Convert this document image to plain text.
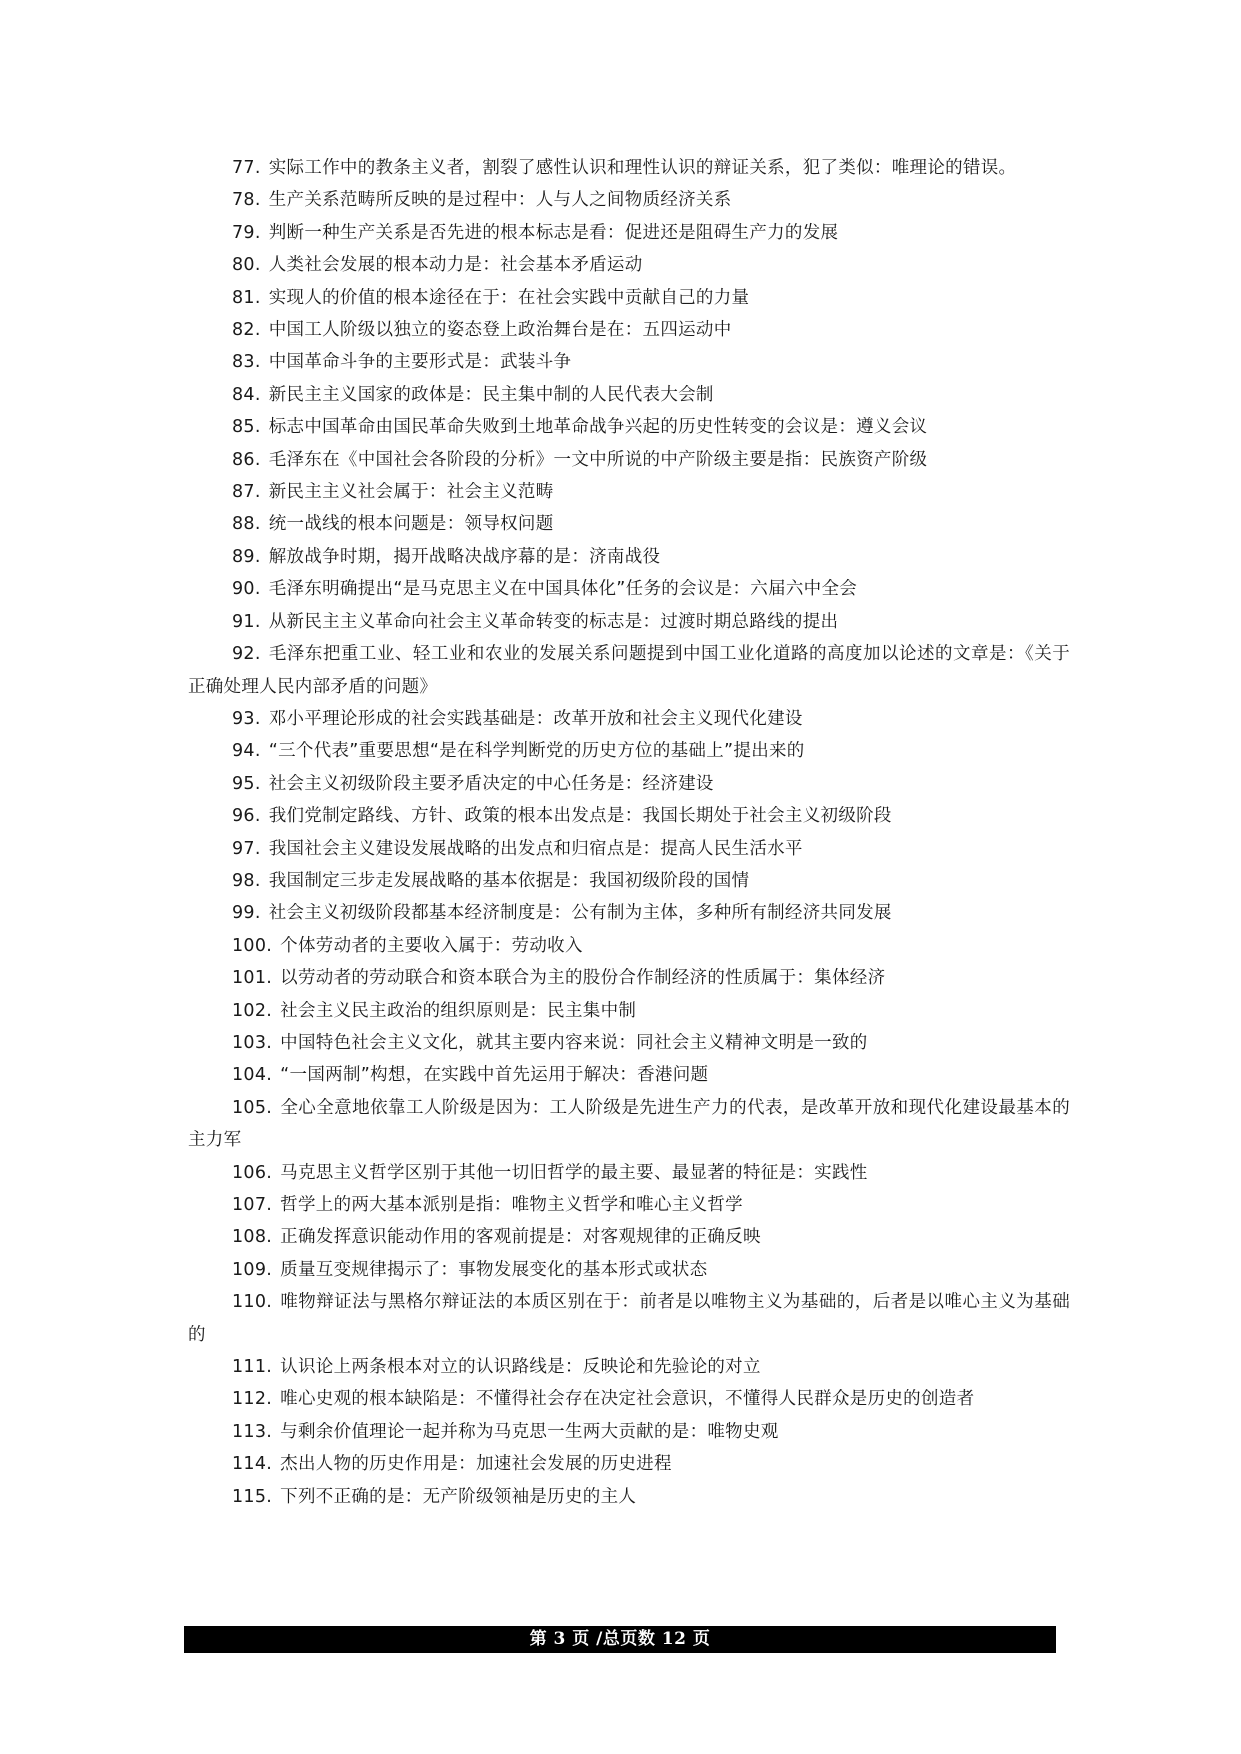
77. 实际工作中的教条主义者，割裂了感性认识和理性认识的辩证关系，犯了类似：唯理论的错误。

78. 生产关系范畴所反映的是过程中：人与人之间物质经济关系

79. 判断一种生产关系是否先进的根本标志是看：促进还是阻碍生产力的发展

80. 人类社会发展的根本动力是：社会基本矛盾运动

81. 实现人的价值的根本途径在于：在社会实践中贡献自己的力量

82. 中国工人阶级以独立的姿态登上政治舞台是在：五四运动中

83. 中国革命斗争的主要形式是：武装斗争

84. 新民主主义国家的政体是：民主集中制的人民代表大会制

85. 标志中国革命由国民革命失败到土地革命战争兴起的历史性转变的会议是：遵义会议

86. 毛泽东在《中国社会各阶段的分析》一文中所说的中产阶级主要是指：民族资产阶级

87. 新民主主义社会属于：社会主义范畴

88. 统一战线的根本问题是：领导权问题

89. 解放战争时期，揭开战略决战序幕的是：济南战役

90. 毛泽东明确提出“是马克思主义在中国具体化”任务的会议是：六届六中全会

91. 从新民主主义革命向社会主义革命转变的标志是：过渡时期总路线的提出

92. 毛泽东把重工业、轻工业和农业的发展关系问题提到中国工业化道路的高度加以论述的文章是：《关于正确处理人民内部矛盾的问题》

93. 邓小平理论形成的社会实践基础是：改革开放和社会主义现代化建设

94. “三个代表”重要思想“是在科学判断党的历史方位的基础上”提出来的

95. 社会主义初级阶段主要矛盾决定的中心任务是：经济建设

96. 我们党制定路线、方针、政策的根本出发点是：我国长期处于社会主义初级阶段

97. 我国社会主义建设发展战略的出发点和归宿点是：提高人民生活水平

98. 我国制定三步走发展战略的基本依据是：我国初级阶段的国情

99. 社会主义初级阶段都基本经济制度是：公有制为主体，多种所有制经济共同发展

100. 个体劳动者的主要收入属于：劳动收入

101. 以劳动者的劳动联合和资本联合为主的股份合作制经济的性质属于：集体经济

102. 社会主义民主政治的组织原则是：民主集中制

103. 中国特色社会主义文化，就其主要内容来说：同社会主义精神文明是一致的

104. “一国两制”构想，在实践中首先运用于解决：香港问题

105. 全心全意地依靠工人阶级是因为：工人阶级是先进生产力的代表，是改革开放和现代化建设最基本的主力军

106. 马克思主义哲学区别于其他一切旧哲学的最主要、最显著的特征是：实践性

107. 哲学上的两大基本派别是指：唯物主义哲学和唯心主义哲学

108. 正确发挥意识能动作用的客观前提是：对客观规律的正确反映

109. 质量互变规律揭示了：事物发展变化的基本形式或状态

110. 唯物辩证法与黑格尔辩证法的本质区别在于：前者是以唯物主义为基础的，后者是以唯心主义为基础的

111. 认识论上两条根本对立的认识路线是：反映论和先验论的对立

112. 唯心史观的根本缺陷是：不懂得社会存在决定社会意识，不懂得人民群众是历史的创造者

113. 与剩余价值理论一起并称为马克思一生两大贡献的是：唯物史观

114. 杰出人物的历史作用是：加速社会发展的历史进程

115. 下列不正确的是：无产阶级领袖是历史的主人

第 3 页 /总页数 12 页
